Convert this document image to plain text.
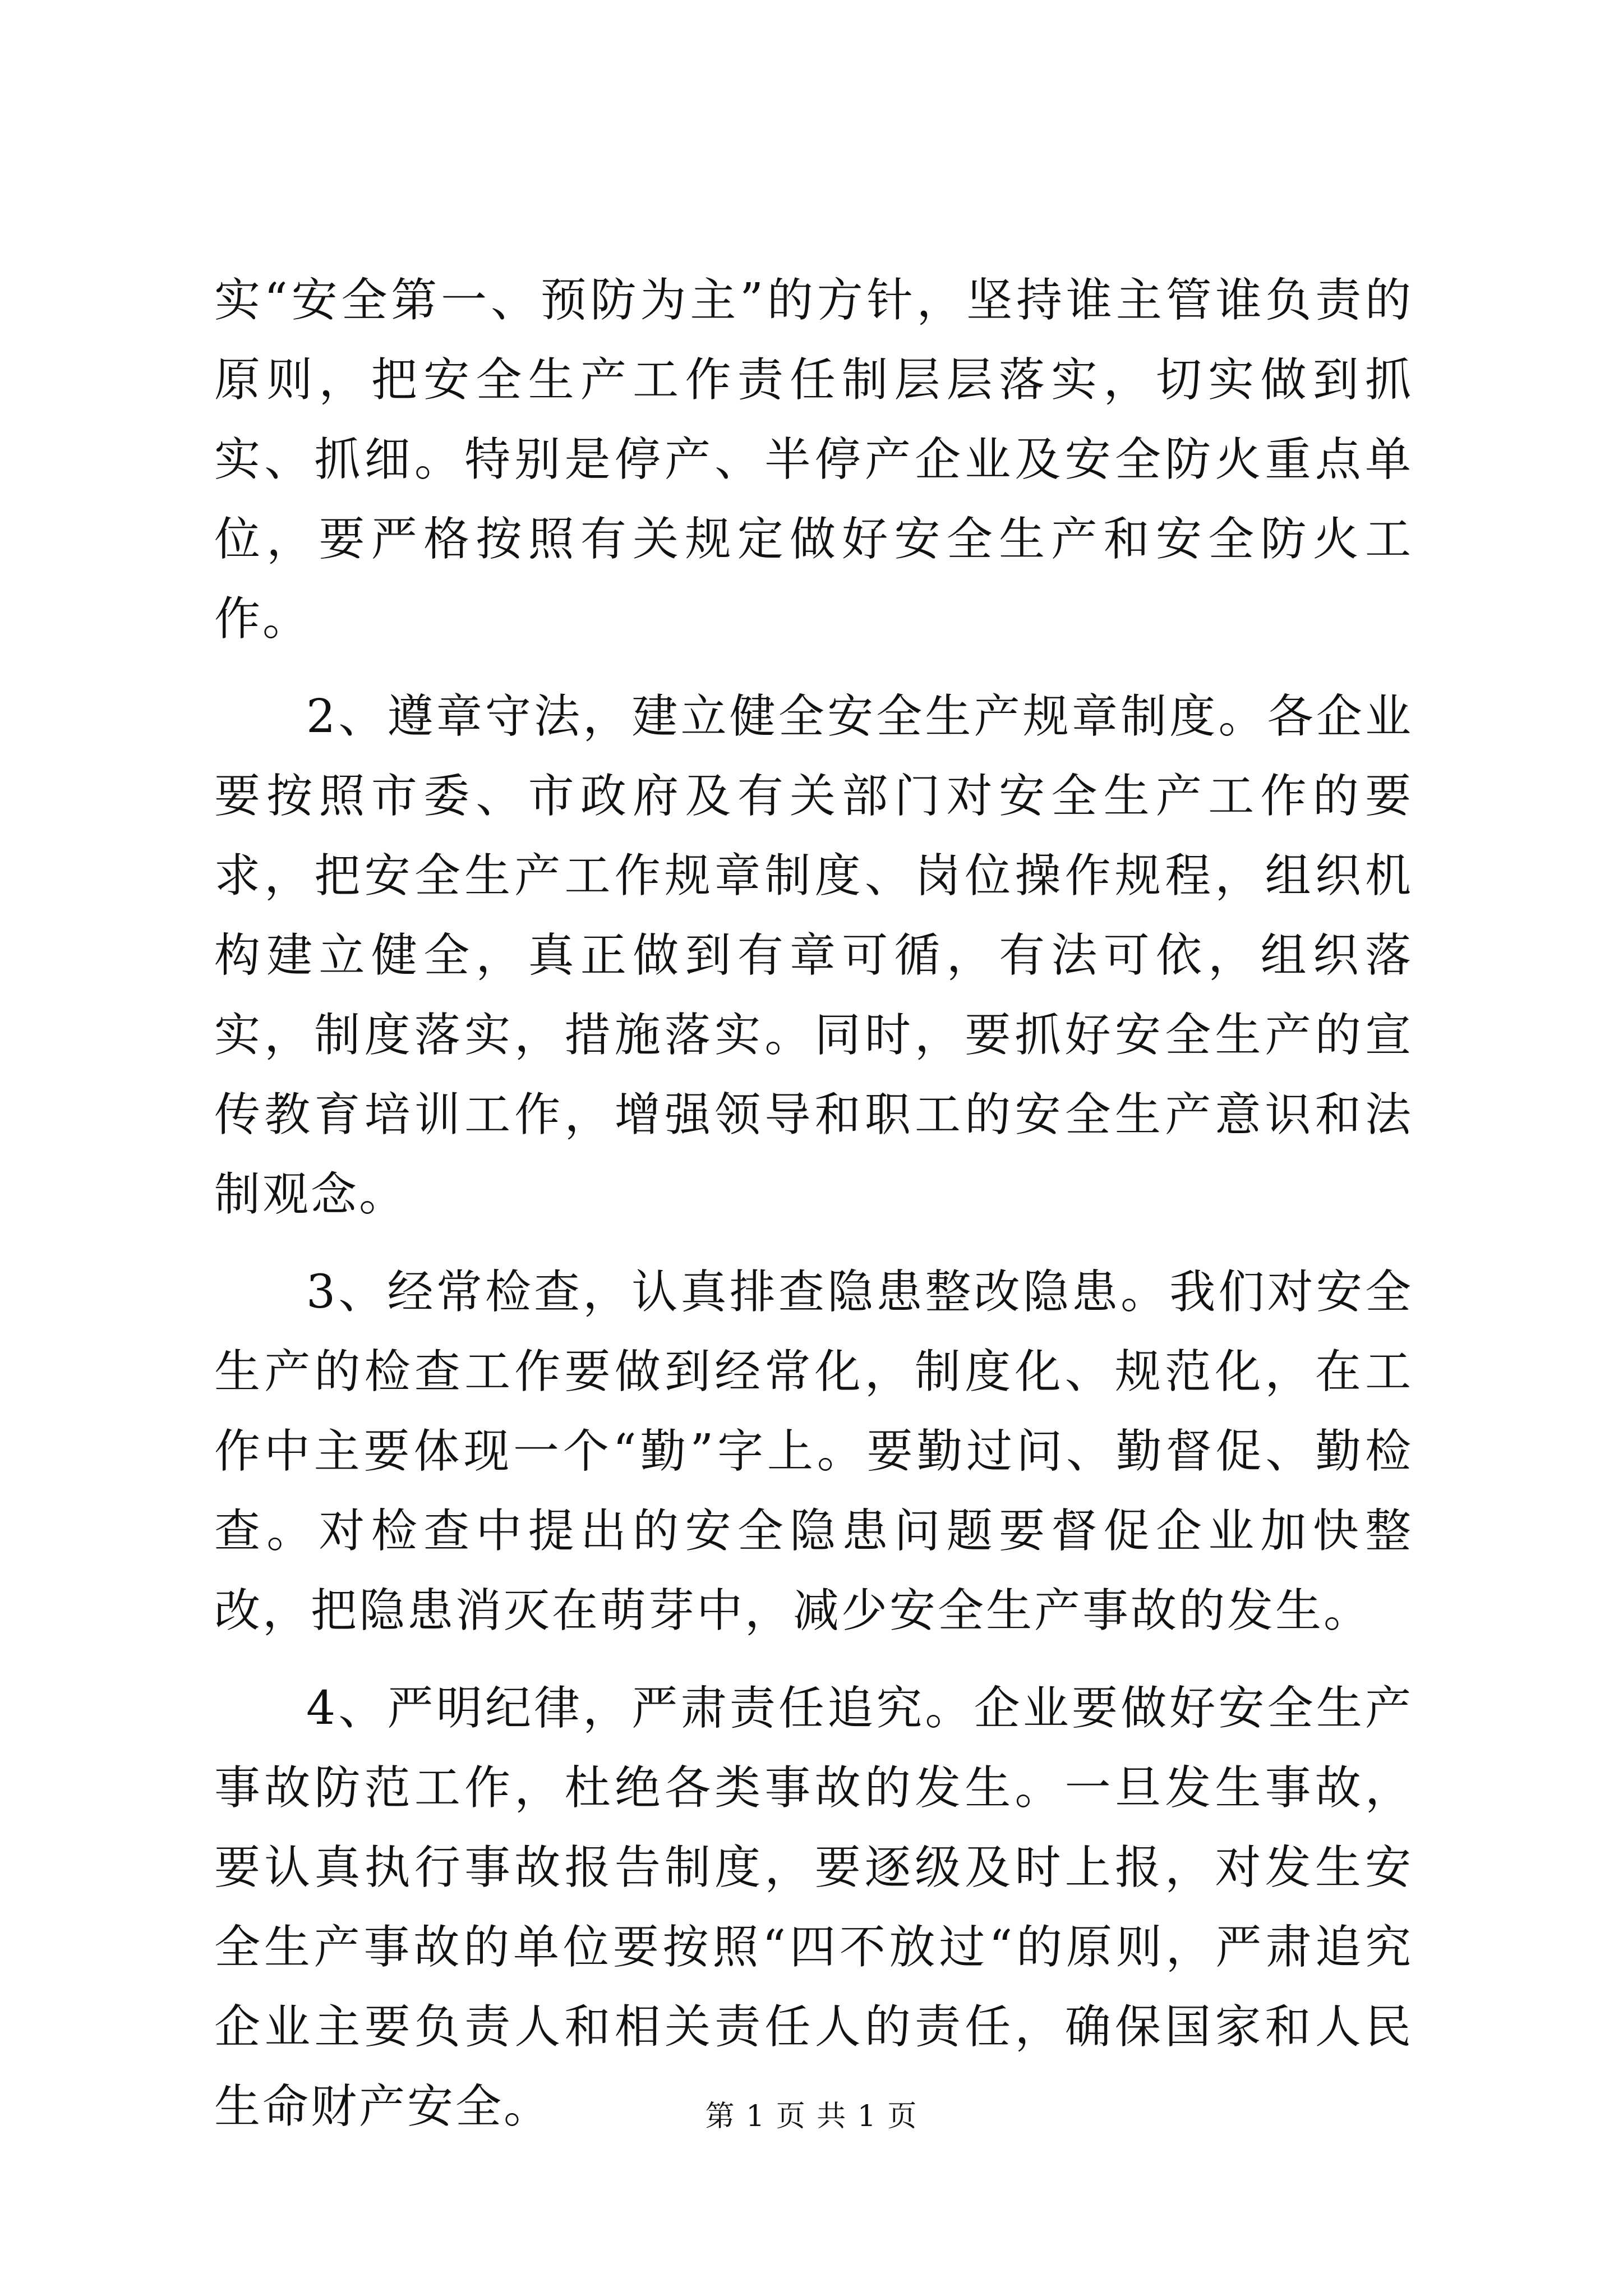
实“安全第一、预防为主”的方针，坚持谁主管谁负责的原则，把安全生产工作责任制层层落实，切实做到抓实、抓细。特别是停产、半停产企业及安全防火重点单位，要严格按照有关规定做好安全生产和安全防火工作。

2、遵章守法，建立健全安全生产规章制度。各企业要按照市委、市政府及有关部门对安全生产工作的要求，把安全生产工作规章制度、岗位操作规程，组织机构建立健全，真正做到有章可循，有法可依，组织落实，制度落实，措施落实。同时，要抓好安全生产的宣传教育培训工作，增强领导和职工的安全生产意识和法制观念。

3、经常检查，认真排查隐患整改隐患。我们对安全生产的检查工作要做到经常化，制度化、规范化，在工作中主要体现一个“勤”字上。要勤过问、勤督促、勤检查。对检查中提出的安全隐患问题要督促企业加快整改，把隐患消灭在萌芽中，减少安全生产事故的发生。

4、严明纪律，严肃责任追究。企业要做好安全生产事故防范工作，杜绝各类事故的发生。一旦发生事故，要认真执行事故报告制度，要逐级及时上报，对发生安全生产事故的单位要按照“四不放过“的原则，严肃追究企业主要负责人和相关责任人的责任，确保国家和人民生命财产安全。	第 1 页 共 1 页
